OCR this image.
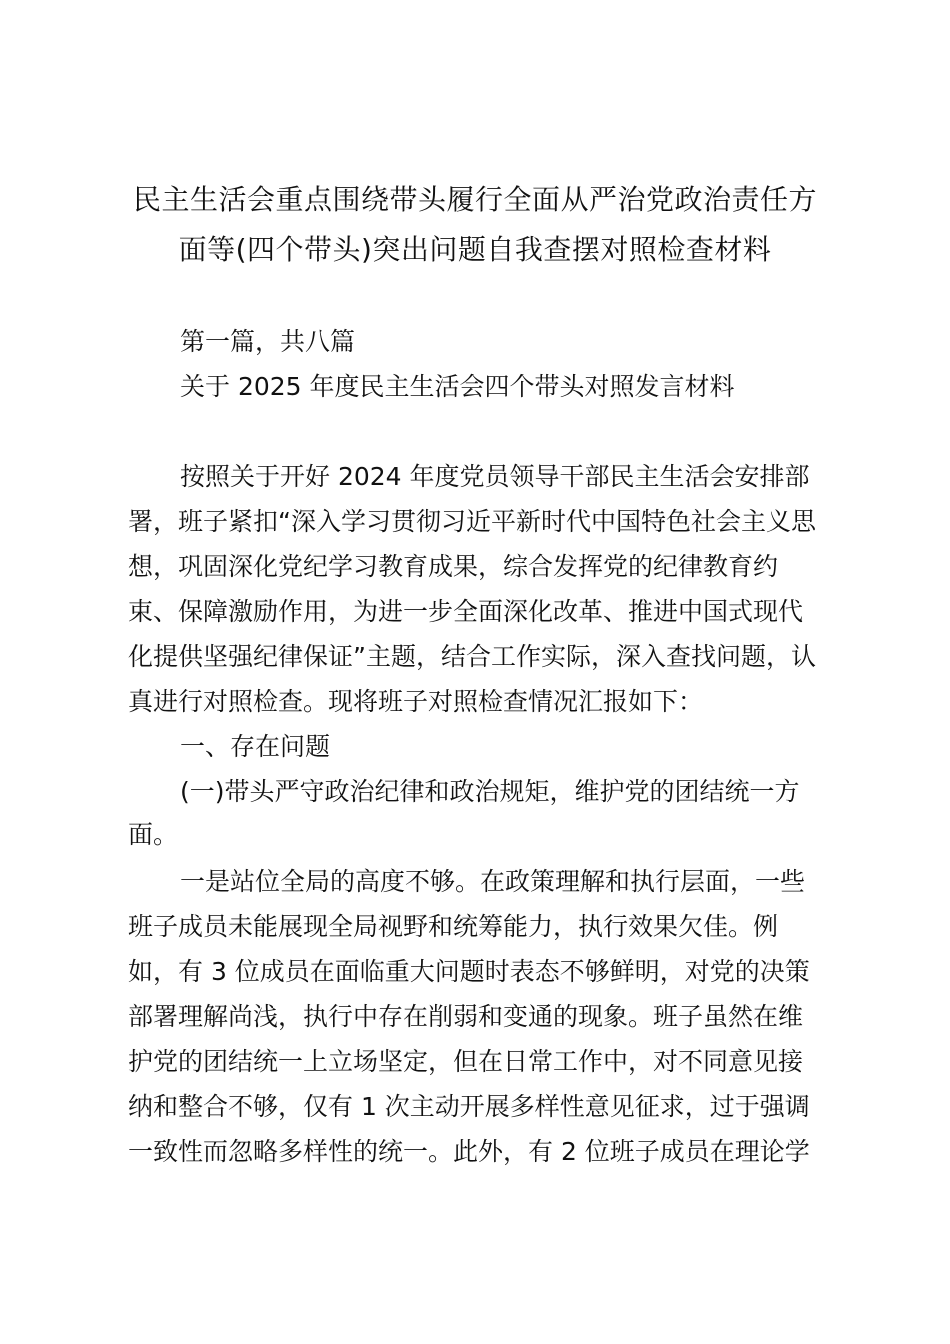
民主生活会重点围绕带头履行全面从严治党政治责任方
面等(四个带头)突出问题自我查摆对照检查材料
第一篇，共八篇
关于 2025 年度民主生活会四个带头对照发言材料
按照关于开好 2024 年度党员领导干部民主生活会安排部
署，班子紧扣“深入学习贯彻习近平新时代中国特色社会主义思
想，巩固深化党纪学习教育成果，综合发挥党的纪律教育约
束、保障激励作用，为进一步全面深化改革、推进中国式现代
化提供坚强纪律保证”主题，结合工作实际，深入查找问题，认
真进行对照检查。现将班子对照检查情况汇报如下：
一、存在问题
(一)带头严守政治纪律和政治规矩，维护党的团结统一方
面。
一是站位全局的高度不够。在政策理解和执行层面，一些
班子成员未能展现全局视野和统筹能力，执行效果欠佳。例
如，有 3 位成员在面临重大问题时表态不够鲜明，对党的决策
部署理解尚浅，执行中存在削弱和变通的现象。班子虽然在维
护党的团结统一上立场坚定，但在日常工作中，对不同意见接
纳和整合不够，仅有 1 次主动开展多样性意见征求，过于强调
一致性而忽略多样性的统一。此外，有 2 位班子成员在理论学
